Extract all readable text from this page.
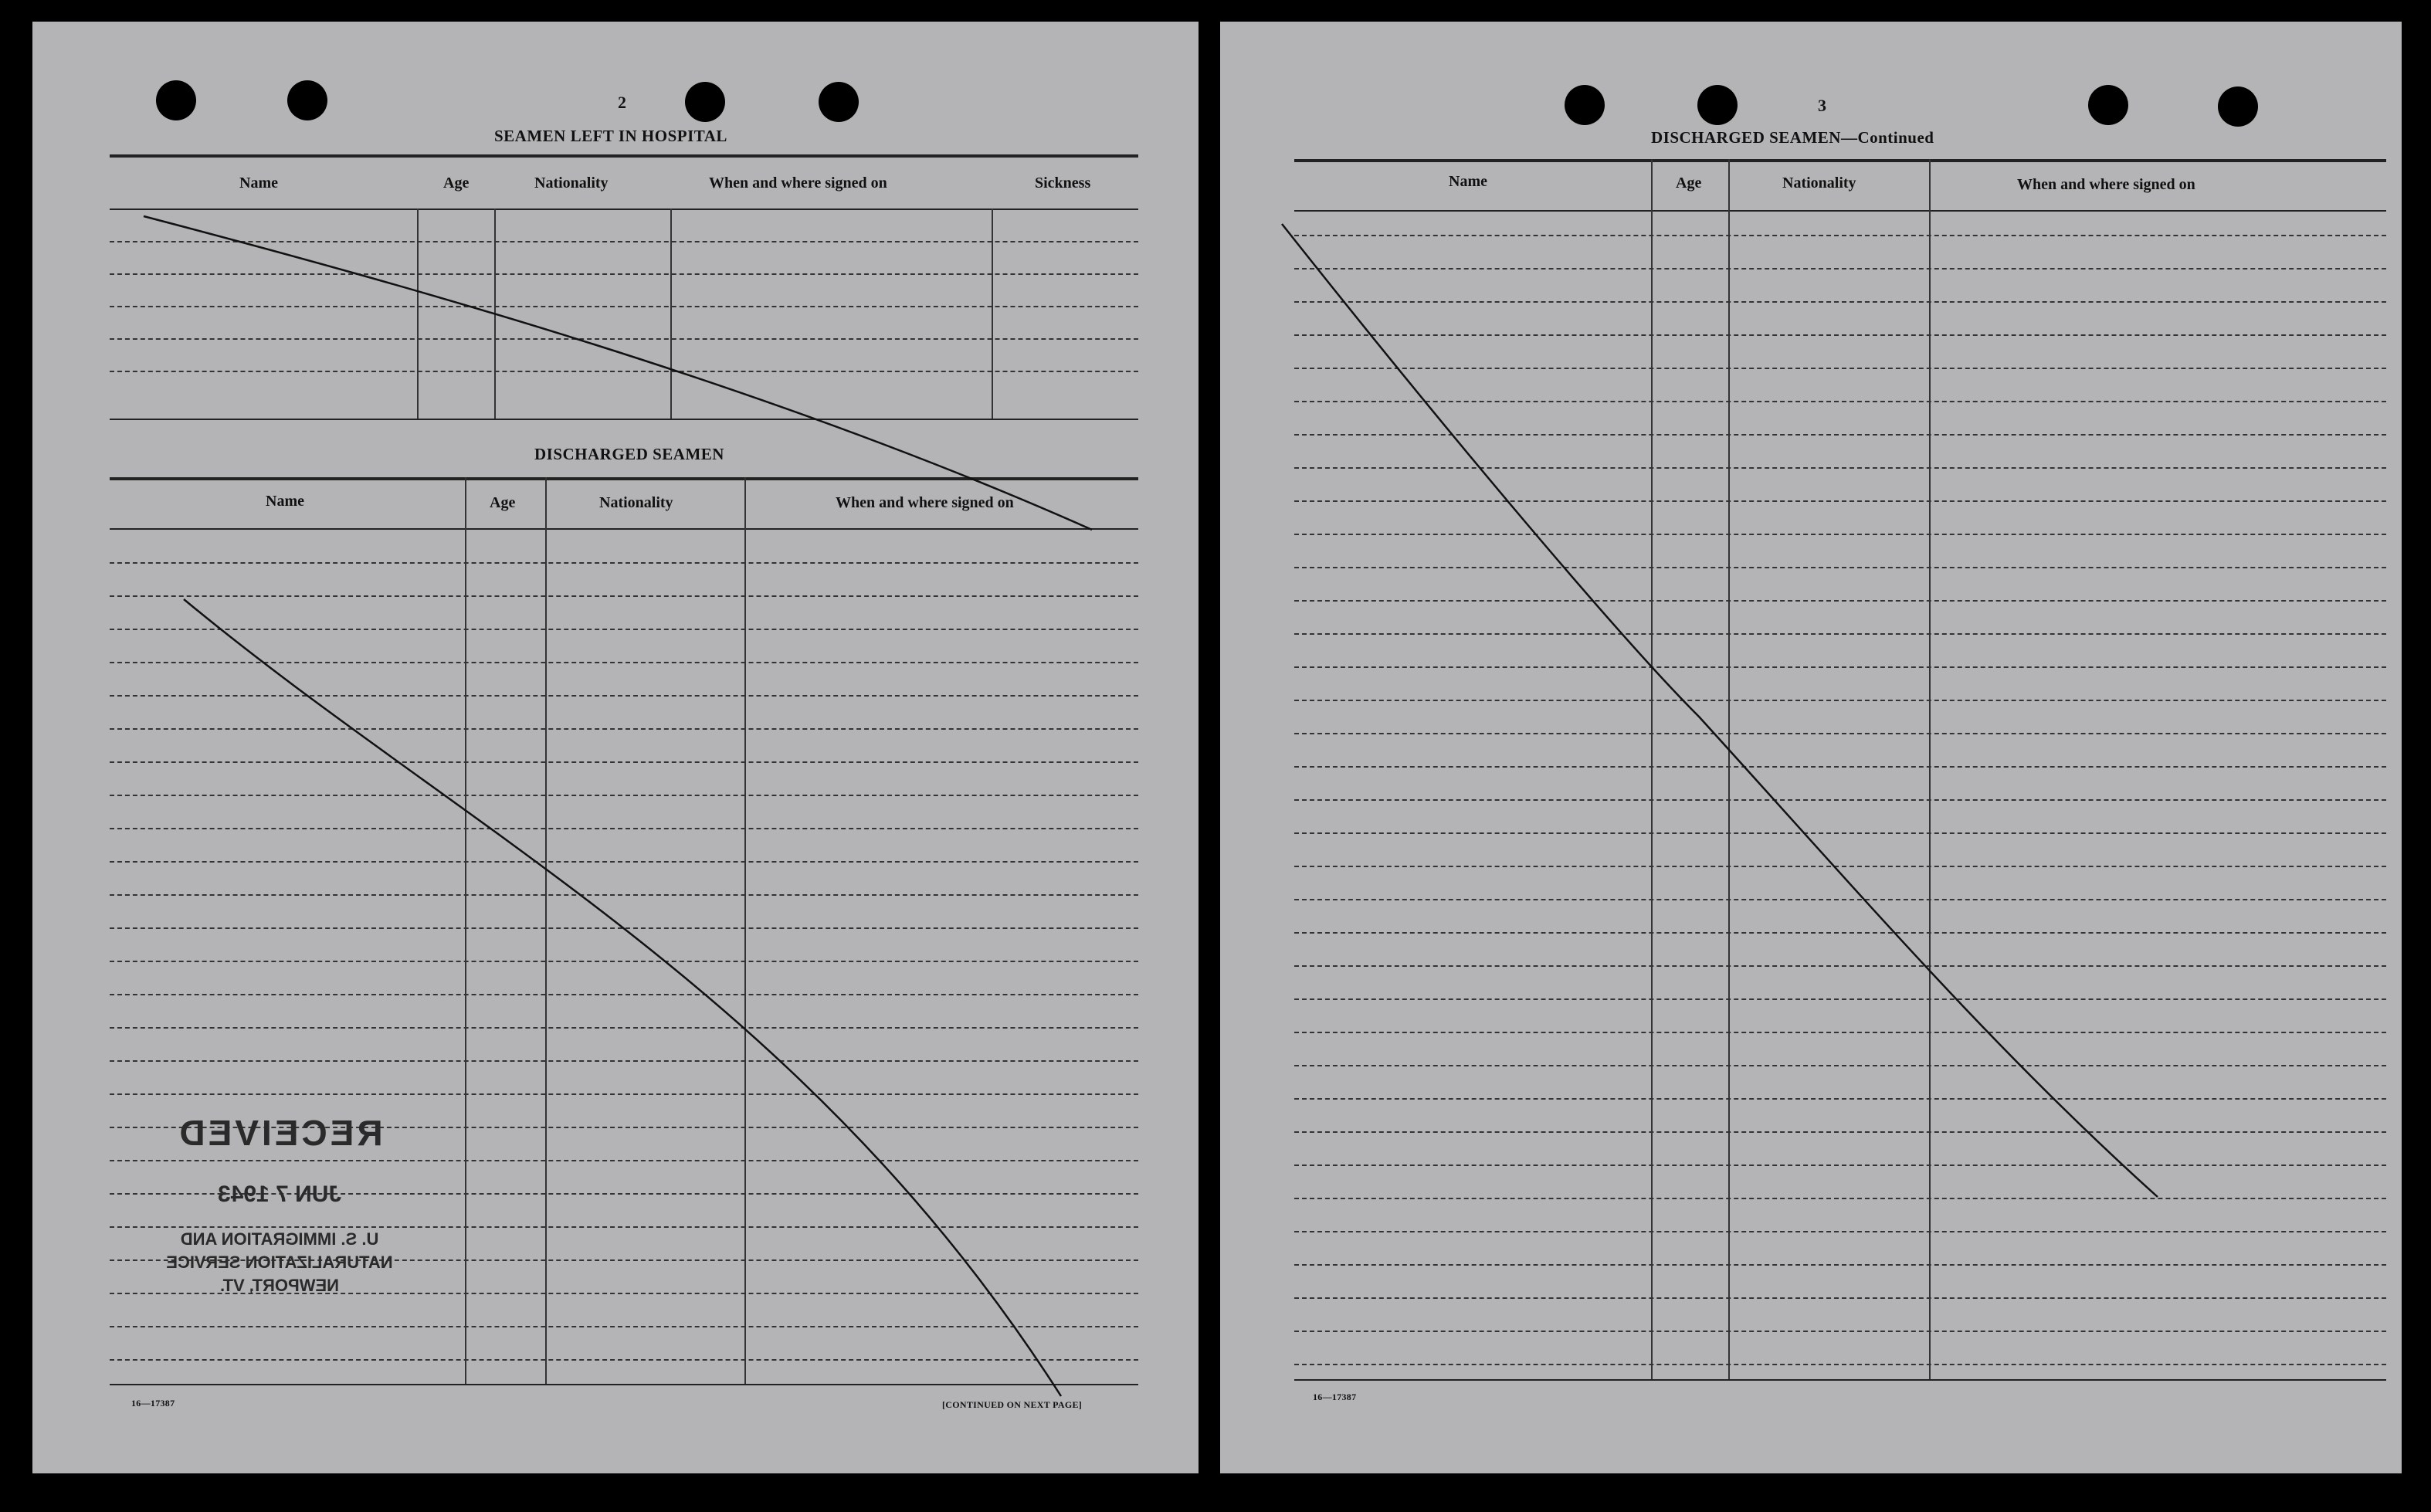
2
SEAMEN LEFT IN HOSPITAL
Name	Age	Nationality	When and where signed on	Sickness
DISCHARGED SEAMEN
Name	Age	Nationality	When and where signed on
RECEIVED
JUN 7 1943
U. S. IMMIGRATION AND
NATURALIZATION SERVICE
NEWPORT, VT.
16—17387	[CONTINUED ON NEXT PAGE]
3
DISCHARGED SEAMEN—Continued
Name	Age	Nationality	When and where signed on
16—17387
